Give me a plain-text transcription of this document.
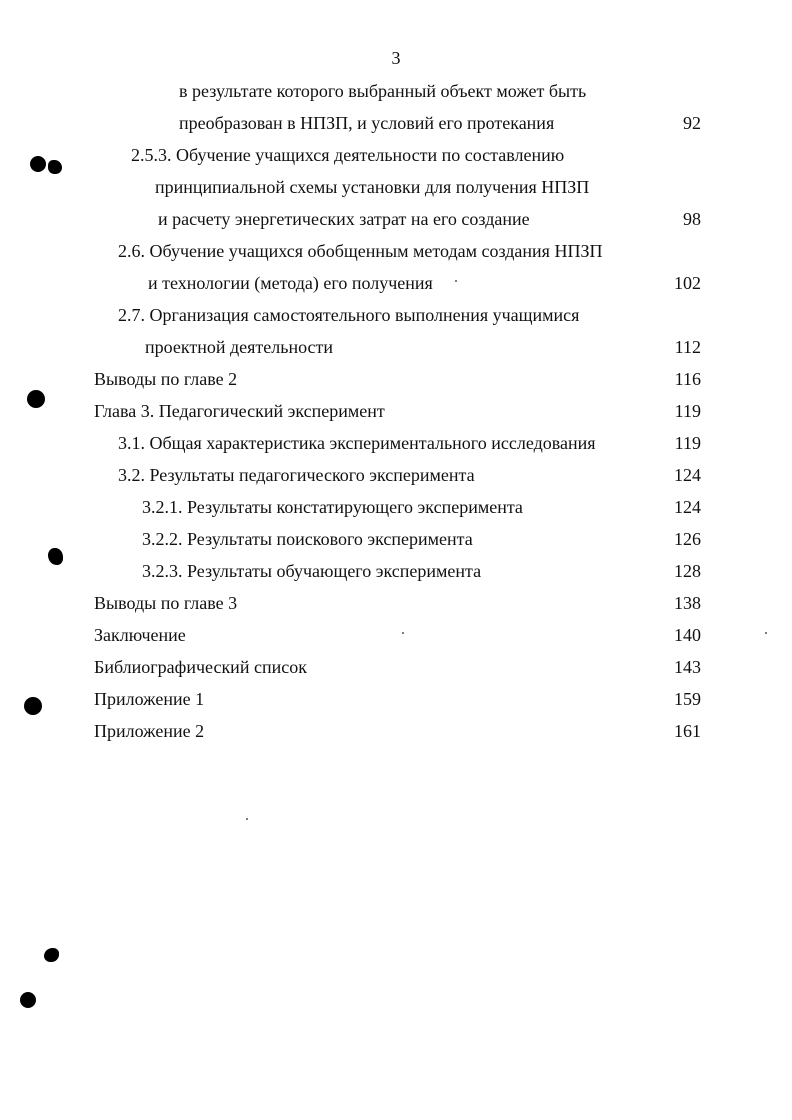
3
в результате которого выбранный объект может быть
преобразован в НПЗП, и условий его протекания	92
2.5.3. Обучение учащихся деятельности по составлению
принципиальной схемы установки для получения НПЗП
и расчету энергетических затрат на его создание	98
2.6. Обучение учащихся обобщенным методам создания НПЗП
и технологии (метода) его получения	102
2.7. Организация самостоятельного выполнения учащимися
проектной деятельности	112
Выводы по главе 2	116
Глава 3. Педагогический эксперимент	119
3.1. Общая характеристика экспериментального исследования	119
3.2. Результаты педагогического эксперимента	124
3.2.1. Результаты констатирующего эксперимента	124
3.2.2. Результаты поискового эксперимента	126
3.2.3. Результаты обучающего эксперимента	128
Выводы по главе 3	138
Заключение	140
Библиографический список	143
Приложение 1	159
Приложение 2	161
